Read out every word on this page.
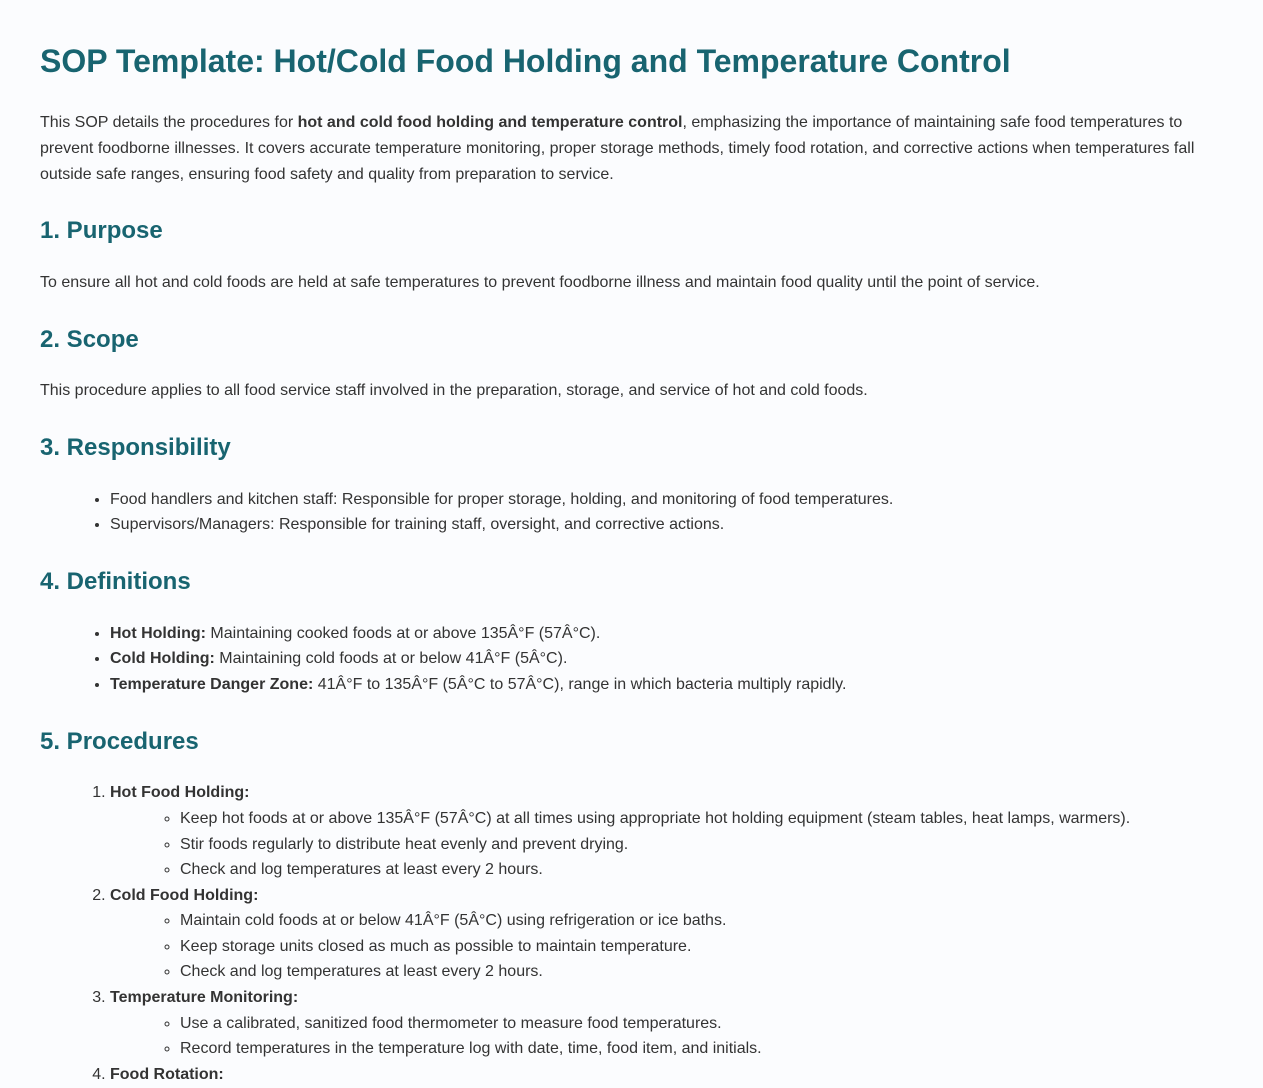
SOP Template: Hot/Cold Food Holding and Temperature Control

This SOP details the procedures for hot and cold food holding and temperature control, emphasizing the importance of maintaining safe food temperatures to prevent foodborne illnesses. It covers accurate temperature monitoring, proper storage methods, timely food rotation, and corrective actions when temperatures fall outside safe ranges, ensuring food safety and quality from preparation to service.

1. Purpose

To ensure all hot and cold foods are held at safe temperatures to prevent foodborne illness and maintain food quality until the point of service.

2. Scope

This procedure applies to all food service staff involved in the preparation, storage, and service of hot and cold foods.

3. Responsibility
• Food handlers and kitchen staff: Responsible for proper storage, holding, and monitoring of food temperatures.
• Supervisors/Managers: Responsible for training staff, oversight, and corrective actions.
4. Definitions
• Hot Holding: Maintaining cooked foods at or above 135Â°F (57Â°C).
• Cold Holding: Maintaining cold foods at or below 41Â°F (5Â°C).
• Temperature Danger Zone: 41Â°F to 135Â°F (5Â°C to 57Â°C), range in which bacteria multiply rapidly.
5. Procedures
1. Hot Food Holding:
◦ Keep hot foods at or above 135Â°F (57Â°C) at all times using appropriate hot holding equipment (steam tables, heat lamps, warmers).
◦ Stir foods regularly to distribute heat evenly and prevent drying.
◦ Check and log temperatures at least every 2 hours.
2. Cold Food Holding:
◦ Maintain cold foods at or below 41Â°F (5Â°C) using refrigeration or ice baths.
◦ Keep storage units closed as much as possible to maintain temperature.
◦ Check and log temperatures at least every 2 hours.
3. Temperature Monitoring:
◦ Use a calibrated, sanitized food thermometer to measure food temperatures.
◦ Record temperatures in the temperature log with date, time, food item, and initials.
4. Food Rotation:
